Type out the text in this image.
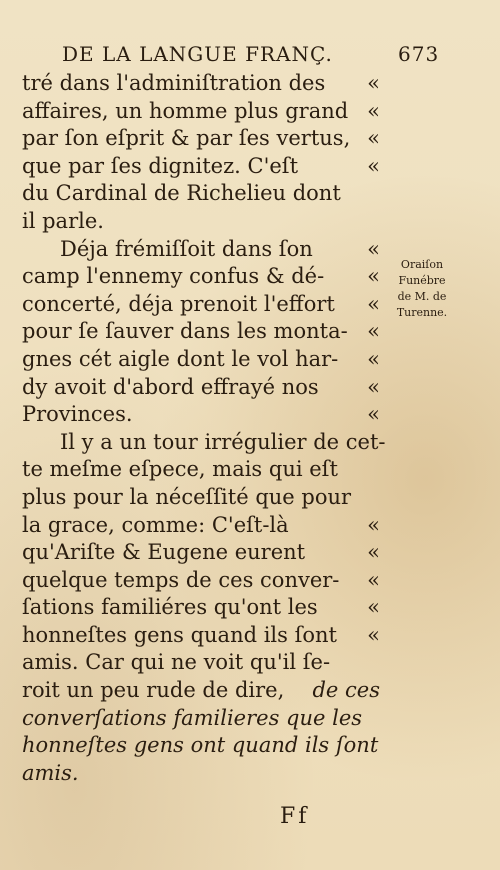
DE LA LANGUE FRANÇ.	673
tré dans l'adminiſtration des «
affaires, un homme plus grand «
par ſon eſprit & par ſes vertus, «
que par ſes dignitez. C'eſt	«
du Cardinal de Richelieu dont
il parle.
Déja frémiſſoit dans ſon	«
camp l'ennemy confus & dé- «
concerté, déja prenoit l'effort «
pour ſe ſauver dans les monta- «
gnes cét aigle dont le vol har- «
dy avoit d'abord effrayé nos «
Provinces.	«
Il y a un tour irrégulier de cet-
te meſme eſpece, mais qui eſt
plus pour la néceſſité que pour
la grace, comme: C'eſt-là	«
qu'Ariſte & Eugene eurent	«
quelque temps de ces conver- «
ſations familiéres qu'ont les «
honneſtes gens quand ils ſont «
amis. Car qui ne voit qu'il ſe-
roit un peu rude de dire, de ces
converſations familieres que les
honneſtes gens ont quand ils ſont
amis.
Oraiſon
Funébre
de M. de
Turenne.
Ff
